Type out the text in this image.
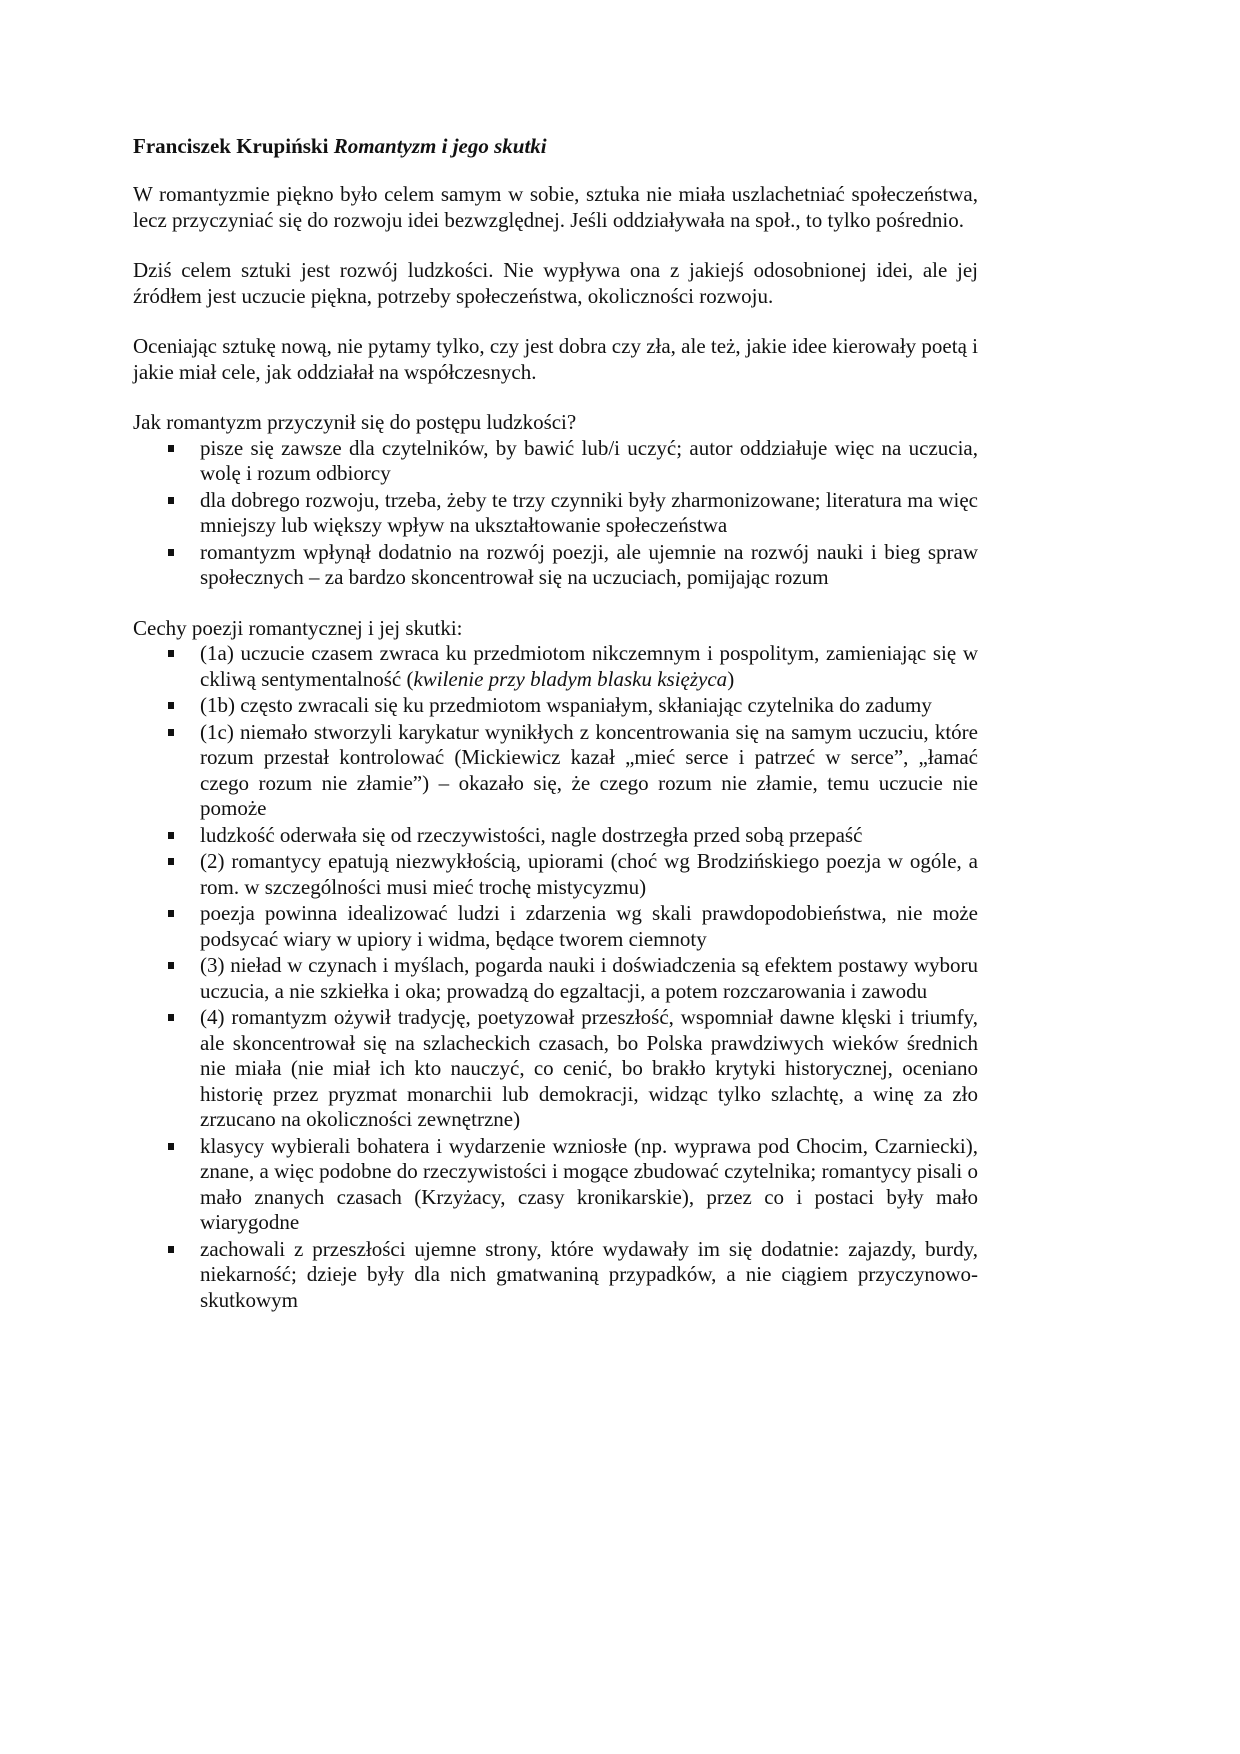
Franciszek Krupiński Romantyzm i jego skutki

W romantyzmie piękno było celem samym w sobie, sztuka nie miała uszlachetniać społeczeństwa, lecz przyczyniać się do rozwoju idei bezwzględnej. Jeśli oddziaływała na społ., to tylko pośrednio.

Dziś celem sztuki jest rozwój ludzkości. Nie wypływa ona z jakiejś odosobnionej idei, ale jej źródłem jest uczucie piękna, potrzeby społeczeństwa, okoliczności rozwoju.

Oceniając sztukę nową, nie pytamy tylko, czy jest dobra czy zła, ale też, jakie idee kierowały poetą i jakie miał cele, jak oddziałał na współczesnych.

Jak romantyzm przyczynił się do postępu ludzkości?

pisze się zawsze dla czytelników, by bawić lub/i uczyć; autor oddziałuje więc na uczucia, wolę i rozum odbiorcy
dla dobrego rozwoju, trzeba, żeby te trzy czynniki były zharmonizowane; literatura ma więc mniejszy lub większy wpływ na ukształtowanie społeczeństwa
romantyzm wpłynął dodatnio na rozwój poezji, ale ujemnie na rozwój nauki i bieg spraw społecznych – za bardzo skoncentrował się na uczuciach, pomijając rozum

Cechy poezji romantycznej i jej skutki:

(1a) uczucie czasem zwraca ku przedmiotom nikczemnym i pospolitym, zamieniając się w ckliwą sentymentalność (kwilenie przy bladym blasku księżyca)
(1b) często zwracali się ku przedmiotom wspaniałym, skłaniając czytelnika do zadumy
(1c) niemało stworzyli karykatur wynikłych z koncentrowania się na samym uczuciu, które rozum przestał kontrolować (Mickiewicz kazał „mieć serce i patrzeć w serce”, „łamać czego rozum nie złamie”) – okazało się, że czego rozum nie złamie, temu uczucie nie pomoże
ludzkość oderwała się od rzeczywistości, nagle dostrzegła przed sobą przepaść
(2) romantycy epatują niezwykłością, upiorami (choć wg Brodzińskiego poezja w ogóle, a rom. w szczególności musi mieć trochę mistycyzmu)
poezja powinna idealizować ludzi i zdarzenia wg skali prawdopodobieństwa, nie może podsycać wiary w upiory i widma, będące tworem ciemnoty
(3) nieład w czynach i myślach, pogarda nauki i doświadczenia są efektem postawy wyboru uczucia, a nie szkiełka i oka; prowadzą do egzaltacji, a potem rozczarowania i zawodu
(4) romantyzm ożywił tradycję, poetyzował przeszłość, wspomniał dawne klęski i triumfy, ale skoncentrował się na szlacheckich czasach, bo Polska prawdziwych wieków średnich nie miała (nie miał ich kto nauczyć, co cenić, bo brakło krytyki historycznej, oceniano historię przez pryzmat monarchii lub demokracji, widząc tylko szlachtę, a winę za zło zrzucano na okoliczności zewnętrzne)
klasycy wybierali bohatera i wydarzenie wzniosłe (np. wyprawa pod Chocim, Czarniecki), znane, a więc podobne do rzeczywistości i mogące zbudować czytelnika; romantycy pisali o mało znanych czasach (Krzyżacy, czasy kronikarskie), przez co i postaci były mało wiarygodne
zachowali z przeszłości ujemne strony, które wydawały im się dodatnie: zajazdy, burdy, niekarność; dzieje były dla nich gmatwaniną przypadków, a nie ciągiem przyczynowo-skutkowym
